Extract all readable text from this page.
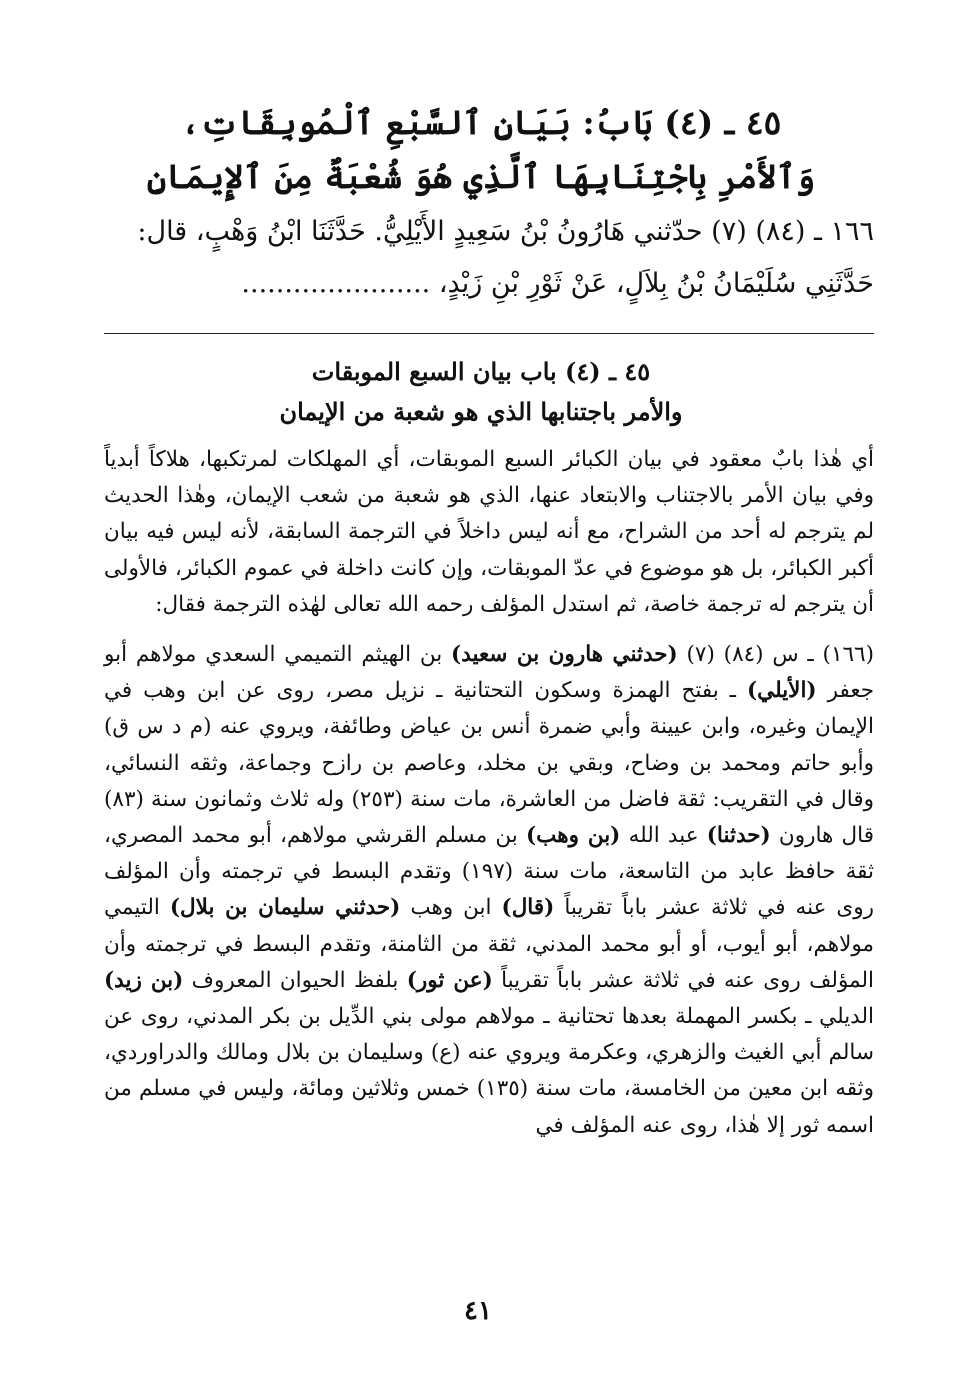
٤٥ ـ (٤) بَابُ: بَيَانِ ٱلسَّبْعِ ٱلْمُوبِقَاتِ،
وَٱلأَمْرِ بِاجْتِنَابِهَا ٱلَّذِي هُوَ شُعْبَةٌ مِنَ ٱلإِيمَانِ
١٦٦ ـ (٨٤) (٧) حدّثني هَارُونُ بْنُ سَعِيدٍ الأَيْلِيُّ. حَدَّثَنَا ابْنُ وَهْبٍ، قال:
حَدَّثَنِي سُلَيْمَانُ بْنُ بِلاَلٍ، عَنْ ثَوْرِ بْنِ زَيْدٍ، ......................
٤٥ ـ (٤) باب بيان السبع الموبقات
والأمر باجتنابها الذي هو شعبة من الإيمان

أي هٰذا بابٌ معقود في بيان الكبائر السبع الموبقات، أي المهلكات لمرتكبها، هلاكاً أبدياً وفي بيان الأمر بالاجتناب والابتعاد عنها، الذي هو شعبة من شعب الإيمان، وهٰذا الحديث لم يترجم له أحد من الشراح، مع أنه ليس داخلاً في الترجمة السابقة، لأنه ليس فيه بيان أكبر الكبائر، بل هو موضوع في عدّ الموبقات، وإن كانت داخلة في عموم الكبائر، فالأولى أن يترجم له ترجمة خاصة، ثم استدل المؤلف رحمه الله تعالى لهٰذه الترجمة فقال:

(١٦٦) ـ س (٨٤) (٧) (حدثني هارون بن سعيد) بن الهيثم التميمي السعدي مولاهم أبو جعفر (الأيلي) ـ بفتح الهمزة وسكون التحتانية ـ نزيل مصر، روى عن ابن وهب في الإيمان وغيره، وابن عيينة وأبي ضمرة أنس بن عياض وطائفة، ويروي عنه (م د س ق) وأبو حاتم ومحمد بن وضاح، وبقي بن مخلد، وعاصم بن رازح وجماعة، وثقه النسائي، وقال في التقريب: ثقة فاضل من العاشرة، مات سنة (٢٥٣) وله ثلاث وثمانون سنة (٨٣) قال هارون (حدثنا) عبد الله (بن وهب) بن مسلم القرشي مولاهم، أبو محمد المصري، ثقة حافظ عابد من التاسعة، مات سنة (١٩٧) وتقدم البسط في ترجمته وأن المؤلف روى عنه في ثلاثة عشر باباً تقريباً (قال) ابن وهب (حدثني سليمان بن بلال) التيمي مولاهم، أبو أيوب، أو أبو محمد المدني، ثقة من الثامنة، وتقدم البسط في ترجمته وأن المؤلف روى عنه في ثلاثة عشر باباً تقريباً (عن ثور) بلفظ الحيوان المعروف (بن زيد) الديلي ـ بكسر المهملة بعدها تحتانية ـ مولاهم مولى بني الدِّيل بن بكر المدني، روى عن سالم أبي الغيث والزهري، وعكرمة ويروي عنه (ع) وسليمان بن بلال ومالك والدراوردي، وثقه ابن معين من الخامسة، مات سنة (١٣٥) خمس وثلاثين ومائة، وليس في مسلم من اسمه ثور إلا هٰذا، روى عنه المؤلف في

٤١
